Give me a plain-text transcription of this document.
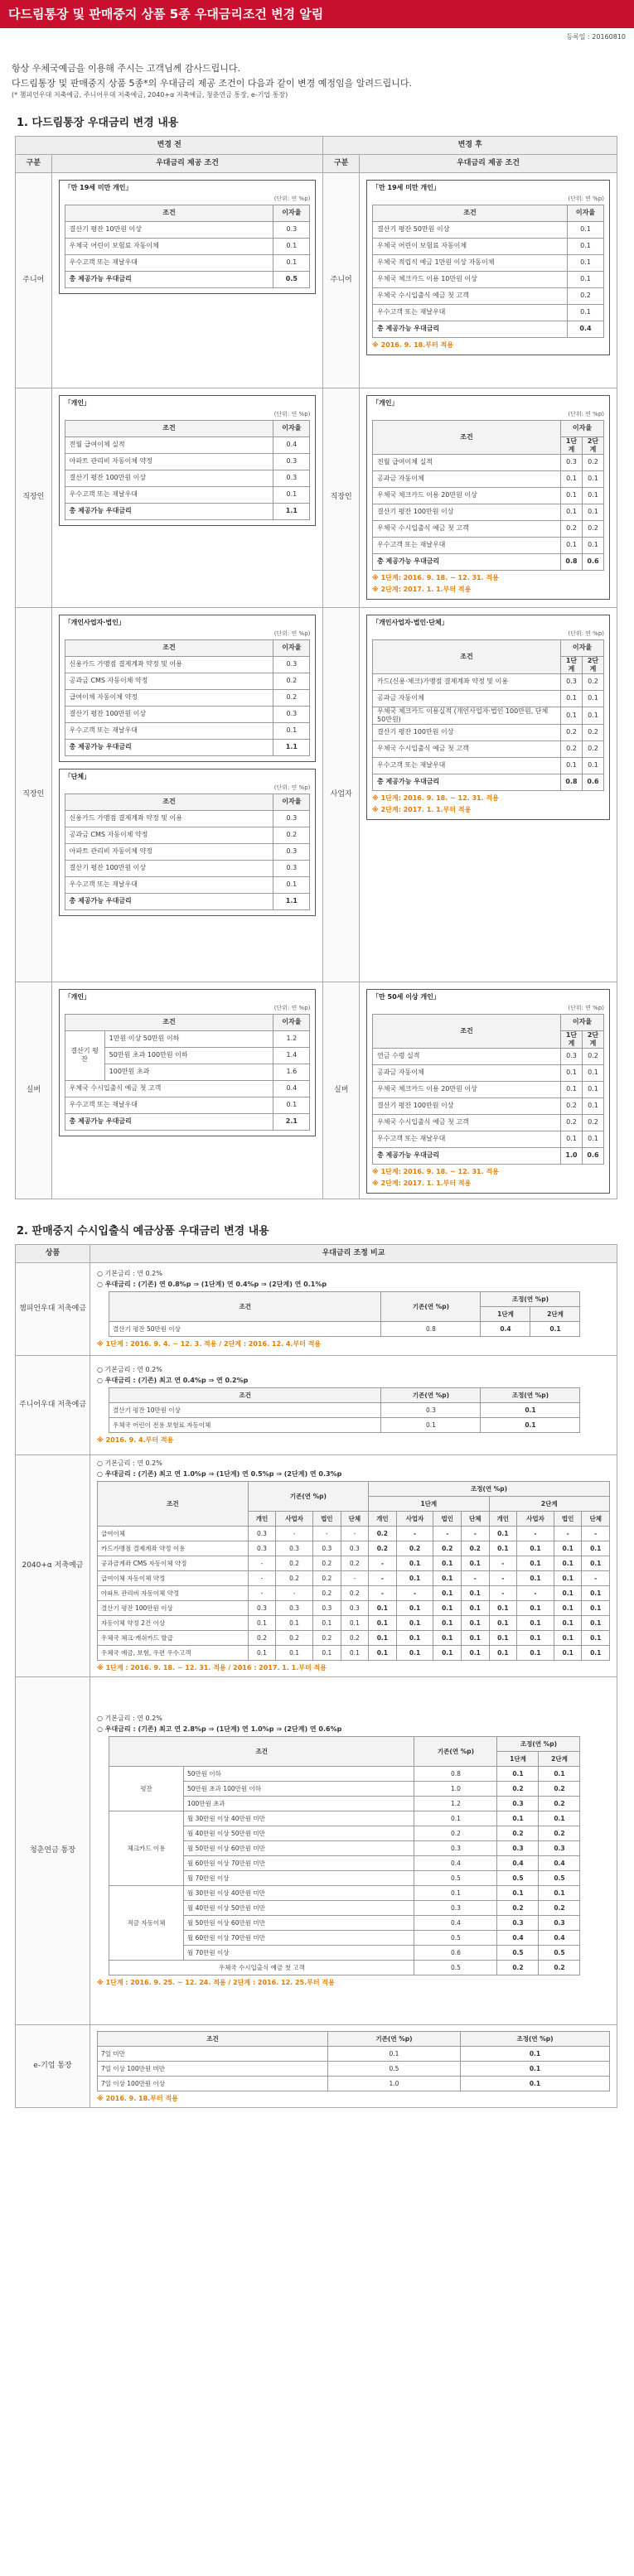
다드림통장 및 판매중지 상품 5종 우대금리조건 변경 알림
등록일 : 20160810
항상 우체국예금을 이용해 주시는 고객님께 감사드립니다.
다드림통장 및 판매중지 상품 5종*의 우대금리 제공 조건이 다음과 같이 변경 예정임을 알려드립니다.
(* 챔피언우대 저축예금, 주니어우대 저축예금, 2040+α 저축예금, 청춘연금 통장, e-기업 통장)
1. 다드림통장 우대금리 변경 내용
변경 전	변경 후
구분	우대금리 제공 조건	구분	우대금리 제공 조건
주니어	
「만 19세 미만 개인」
(단위: 연 %p)
조건	이자율
결산기 평잔 10만원 이상	0.3
우체국 어린이 보험료 자동이체	0.1
우수고객 또는 재날우대	0.1
총 제공가능 우대금리	0.5
		주니어	
「만 19세 미만 개인」
(단위: 연 %p)
조건	이자율
결산기 평잔 50만원 이상	0.1
우체국 어린이 보험료 자동이체	0.1
우체국 적립식 예금 1만원 이상 자동이체	0.1
우체국 체크카드 이용 10만원 이상	0.1
우체국 수시입출식 예금 첫 고객	0.2
우수고객 또는 재날우대	0.1
총 제공가능 우대금리	0.4
※ 2016. 9. 18.부터 적용

직장인	
「개인」
(단위: 연 %p)
조건	이자율
전월 급여이체 실적	0.4
아파트 관리비 자동이체 약정	0.3
결산기 평잔 100만원 이상	0.3
우수고객 또는 재날우대	0.1
총 제공가능 우대금리	1.1
	직장인	
「개인」
(단위: 연 %p)
조건	이자율
1단계	2단계
전월 급여이체 실적	0.3	0.2
공과금 자동이체	0.1	0.1
우체국 체크카드 이용 20만원 이상	0.1	0.1
결산기 평잔 100만원 이상	0.1	0.1
우체국 수시입출식 예금 첫 고객	0.2	0.2
우수고객 또는 재날우대	0.1	0.1
총 제공가능 우대금리	0.8	0.6
※ 1단계: 2016. 9. 18. ~ 12. 31. 적용
※ 2단계: 2017. 1. 1.부터 적용

직장인	
「개인사업자·법인」
(단위: 연 %p)
조건	이자율
신용카드 가맹점 결제계좌 약정 및 이용	0.3
공과금 CMS 자동이체 약정	0.2
급여이체 자동이체 약정	0.2
결산기 평잔 100만원 이상	0.3
우수고객 또는 재날우대	0.1
총 제공가능 우대금리	1.1
「단체」
(단위: 연 %p)
조건	이자율
신용카드 가맹점 결제계좌 약정 및 이용	0.3
공과금 CMS 자동이체 약정	0.2
아파트 관리비 자동이체 약정	0.3
결산기 평잔 100만원 이상	0.3
우수고객 또는 재날우대	0.1
총 제공가능 우대금리	1.1
	사업자	
「개인사업자·법인·단체」
(단위: 연 %p)
조건	이자율
1단계	2단계
카드(신용·체크)가맹점 결제계좌 약정 및 이용	0.3	0.2
공과금 자동이체	0.1	0.1
우체국 체크카드 이용실적 (개인사업자·법인 100만원, 단체 50만원)	0.1	0.1
결산기 평잔 100만원 이상	0.2	0.2
우체국 수시입출식 예금 첫 고객	0.2	0.2
우수고객 또는 재날우대	0.1	0.1
총 제공가능 우대금리	0.8	0.6
※ 1단계: 2016. 9. 18. ~ 12. 31. 적용
※ 2단계: 2017. 1. 1.부터 적용

실버	
「개인」
(단위: 연 %p)
조건	이자율
결산기 평잔	1만원 이상 50만원 이하	1.2
50만원 초과 100만원 이하	1.4
100만원 초과	1.6
우체국 수시입출식 예금 첫 고객	0.4
우수고객 또는 재날우대	0.1
총 제공가능 우대금리	2.1
	실버	
「만 50세 이상 개인」
(단위: 연 %p)
조건	이자율
1단계	2단계
연금 수령 실적	0.3	0.2
공과금 자동이체	0.1	0.1
우체국 체크카드 이용 20만원 이상	0.1	0.1
결산기 평잔 100만원 이상	0.2	0.1
우체국 수시입출식 예금 첫 고객	0.2	0.2
우수고객 또는 재날우대	0.1	0.1
총 제공가능 우대금리	1.0	0.6
※ 1단계: 2016. 9. 18. ~ 12. 31. 적용
※ 2단계: 2017. 1. 1.부터 적용
2. 판매중지 수시입출식 예금상품 우대금리 변경 내용
상품	우대금리 조정 비교
챔피언우대 저축예금	

○ 기본금리 : 연 0.2%

○ 우대금리 : (기존) 연 0.8%p ⇒ (1단계) 연 0.4%p ⇒ (2단계) 연 0.1%p

조건	기존(연 %p)	조정(연 %p)
1단계	2단계
결산기 평잔 50만원 이상	0.8	0.4	0.1
※ 1단계 : 2016. 9. 4. ~ 12. 3. 적용 / 2단계 : 2016. 12. 4.부터 적용

주니어우대 저축예금	

○ 기본금리 : 연 0.2%

○ 우대금리 : (기존) 최고 연 0.4%p ⇒ 연 0.2%p

조건	기존(연 %p)	조정(연 %p)
결산기 평잔 10만원 이상	0.3	0.1
우체국 어린이 전용 보험료 자동이체	0.1	0.1
※ 2016. 9. 4.부터 적용

2040+α 저축예금	

○ 기본금리 : 연 0.2%

○ 우대금리 : (기존) 최고 연 1.0%p ⇒ (1단계) 연 0.5%p ⇒ (2단계) 연 0.3%p

조건	기존(연 %p)	조정(연 %p)
1단계	2단계
개인	사업자	법인	단체	개인	사업자	법인	단체	개인	사업자	법인	단체
급여이체	0.3	-	-	-	0.2	-	-	-	0.1	-	-	-
카드가맹점 결제계좌 약정 이용	0.3	0.3	0.3	0.3	0.2	0.2	0.2	0.2	0.1	0.1	0.1	0.1
공과금계좌 CMS 자동이체 약정	-	0.2	0.2	0.2	-	0.1	0.1	0.1	-	0.1	0.1	0.1
급여이체 자동이체 약정	-	0.2	0.2	-	-	0.1	0.1	-	-	0.1	0.1	-
아파트 관리비 자동이체 약정	-	-	0.2	0.2	-	-	0.1	0.1	-	-	0.1	0.1
결산기 평잔 100만원 이상	0.3	0.3	0.3	0.3	0.1	0.1	0.1	0.1	0.1	0.1	0.1	0.1
자동이체 약정 2건 이상	0.1	0.1	0.1	0.1	0.1	0.1	0.1	0.1	0.1	0.1	0.1	0.1
우체국 체크·캐쉬카드 발급	0.2	0.2	0.2	0.2	0.1	0.1	0.1	0.1	0.1	0.1	0.1	0.1
우체국 예금, 보험, 우편 우수고객	0.1	0.1	0.1	0.1	0.1	0.1	0.1	0.1	0.1	0.1	0.1	0.1
※ 1단계 : 2016. 9. 18. ~ 12. 31. 적용 / 2016 : 2017. 1. 1.부터 적용

청춘연금 통장	

○ 기본금리 : 연 0.2%

○ 우대금리 : (기존) 최고 연 2.8%p ⇒ (1단계) 연 1.0%p ⇒ (2단계) 연 0.6%p

조건	기존(연 %p)	조정(연 %p)
1단계	2단계
평잔	50만원 이하	0.8	0.1	0.1
50만원 초과 100만원 이하	1.0	0.2	0.2
100만원 초과	1.2	0.3	0.2
체크카드 이용	월 30만원 이상 40만원 미만	0.1	0.1	0.1
월 40만원 이상 50만원 미만	0.2	0.2	0.2
월 50만원 이상 60만원 미만	0.3	0.3	0.3
월 60만원 이상 70만원 미만	0.4	0.4	0.4
월 70만원 이상	0.5	0.5	0.5
적금 자동이체	월 30만원 이상 40만원 미만	0.1	0.1	0.1
월 40만원 이상 50만원 미만	0.3	0.2	0.2
월 50만원 이상 60만원 미만	0.4	0.3	0.3
월 60만원 이상 70만원 미만	0.5	0.4	0.4
월 70만원 이상	0.6	0.5	0.5
우체국 수시입출식 예금 첫 고객	0.5	0.2	0.2
※ 1단계 : 2016. 9. 25. ~ 12. 24. 적용 / 2단계 : 2016. 12. 25.부터 적용

e-기업 통장	
조건	기존(연 %p)	조정(연 %p)
7일 미만	0.1	0.1
7일 이상 100만원 미만	0.5	0.1
7일 이상 100만원 이상	1.0	0.1
※ 2016. 9. 18.부터 적용
